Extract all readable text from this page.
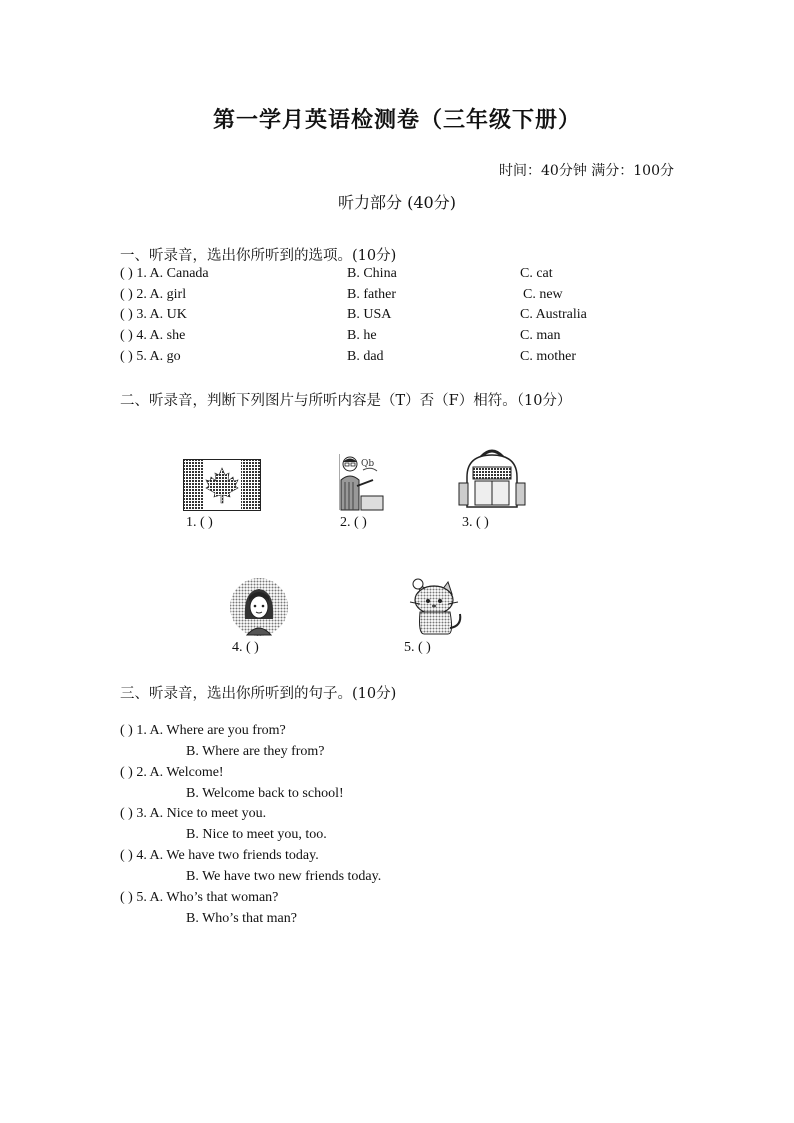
第一学月英语检测卷（三年级下册）
时间：40分钟 满分：100分
听力部分 (40分)
一、听录音，选出你所听到的选项。(10分)
( ) 1. A. Canada	B. China	C. cat
( ) 2. A. girl	B. father	C. new
( ) 3. A. UK	B. USA	C. Australia
( ) 4. A. she	B. he	C. man
( ) 5. A. go	B. dad	C. mother
二、听录音，判断下列图片与所听内容是（T）否（F）相符。（10分）
1. ( )
Qb
2. ( )	3. ( )
4. ( )	5. ( )
三、听录音，选出你所听到的句子。(10分)
( ) 1. A. Where are you from?
B. Where are they from?
( ) 2. A. Welcome!
B. Welcome back to school!
( ) 3. A. Nice to meet you.
B. Nice to meet you, too.
( ) 4. A. We have two friends today.
B. We have two new friends today.
( ) 5. A. Who’s that woman?
B. Who’s that man?
